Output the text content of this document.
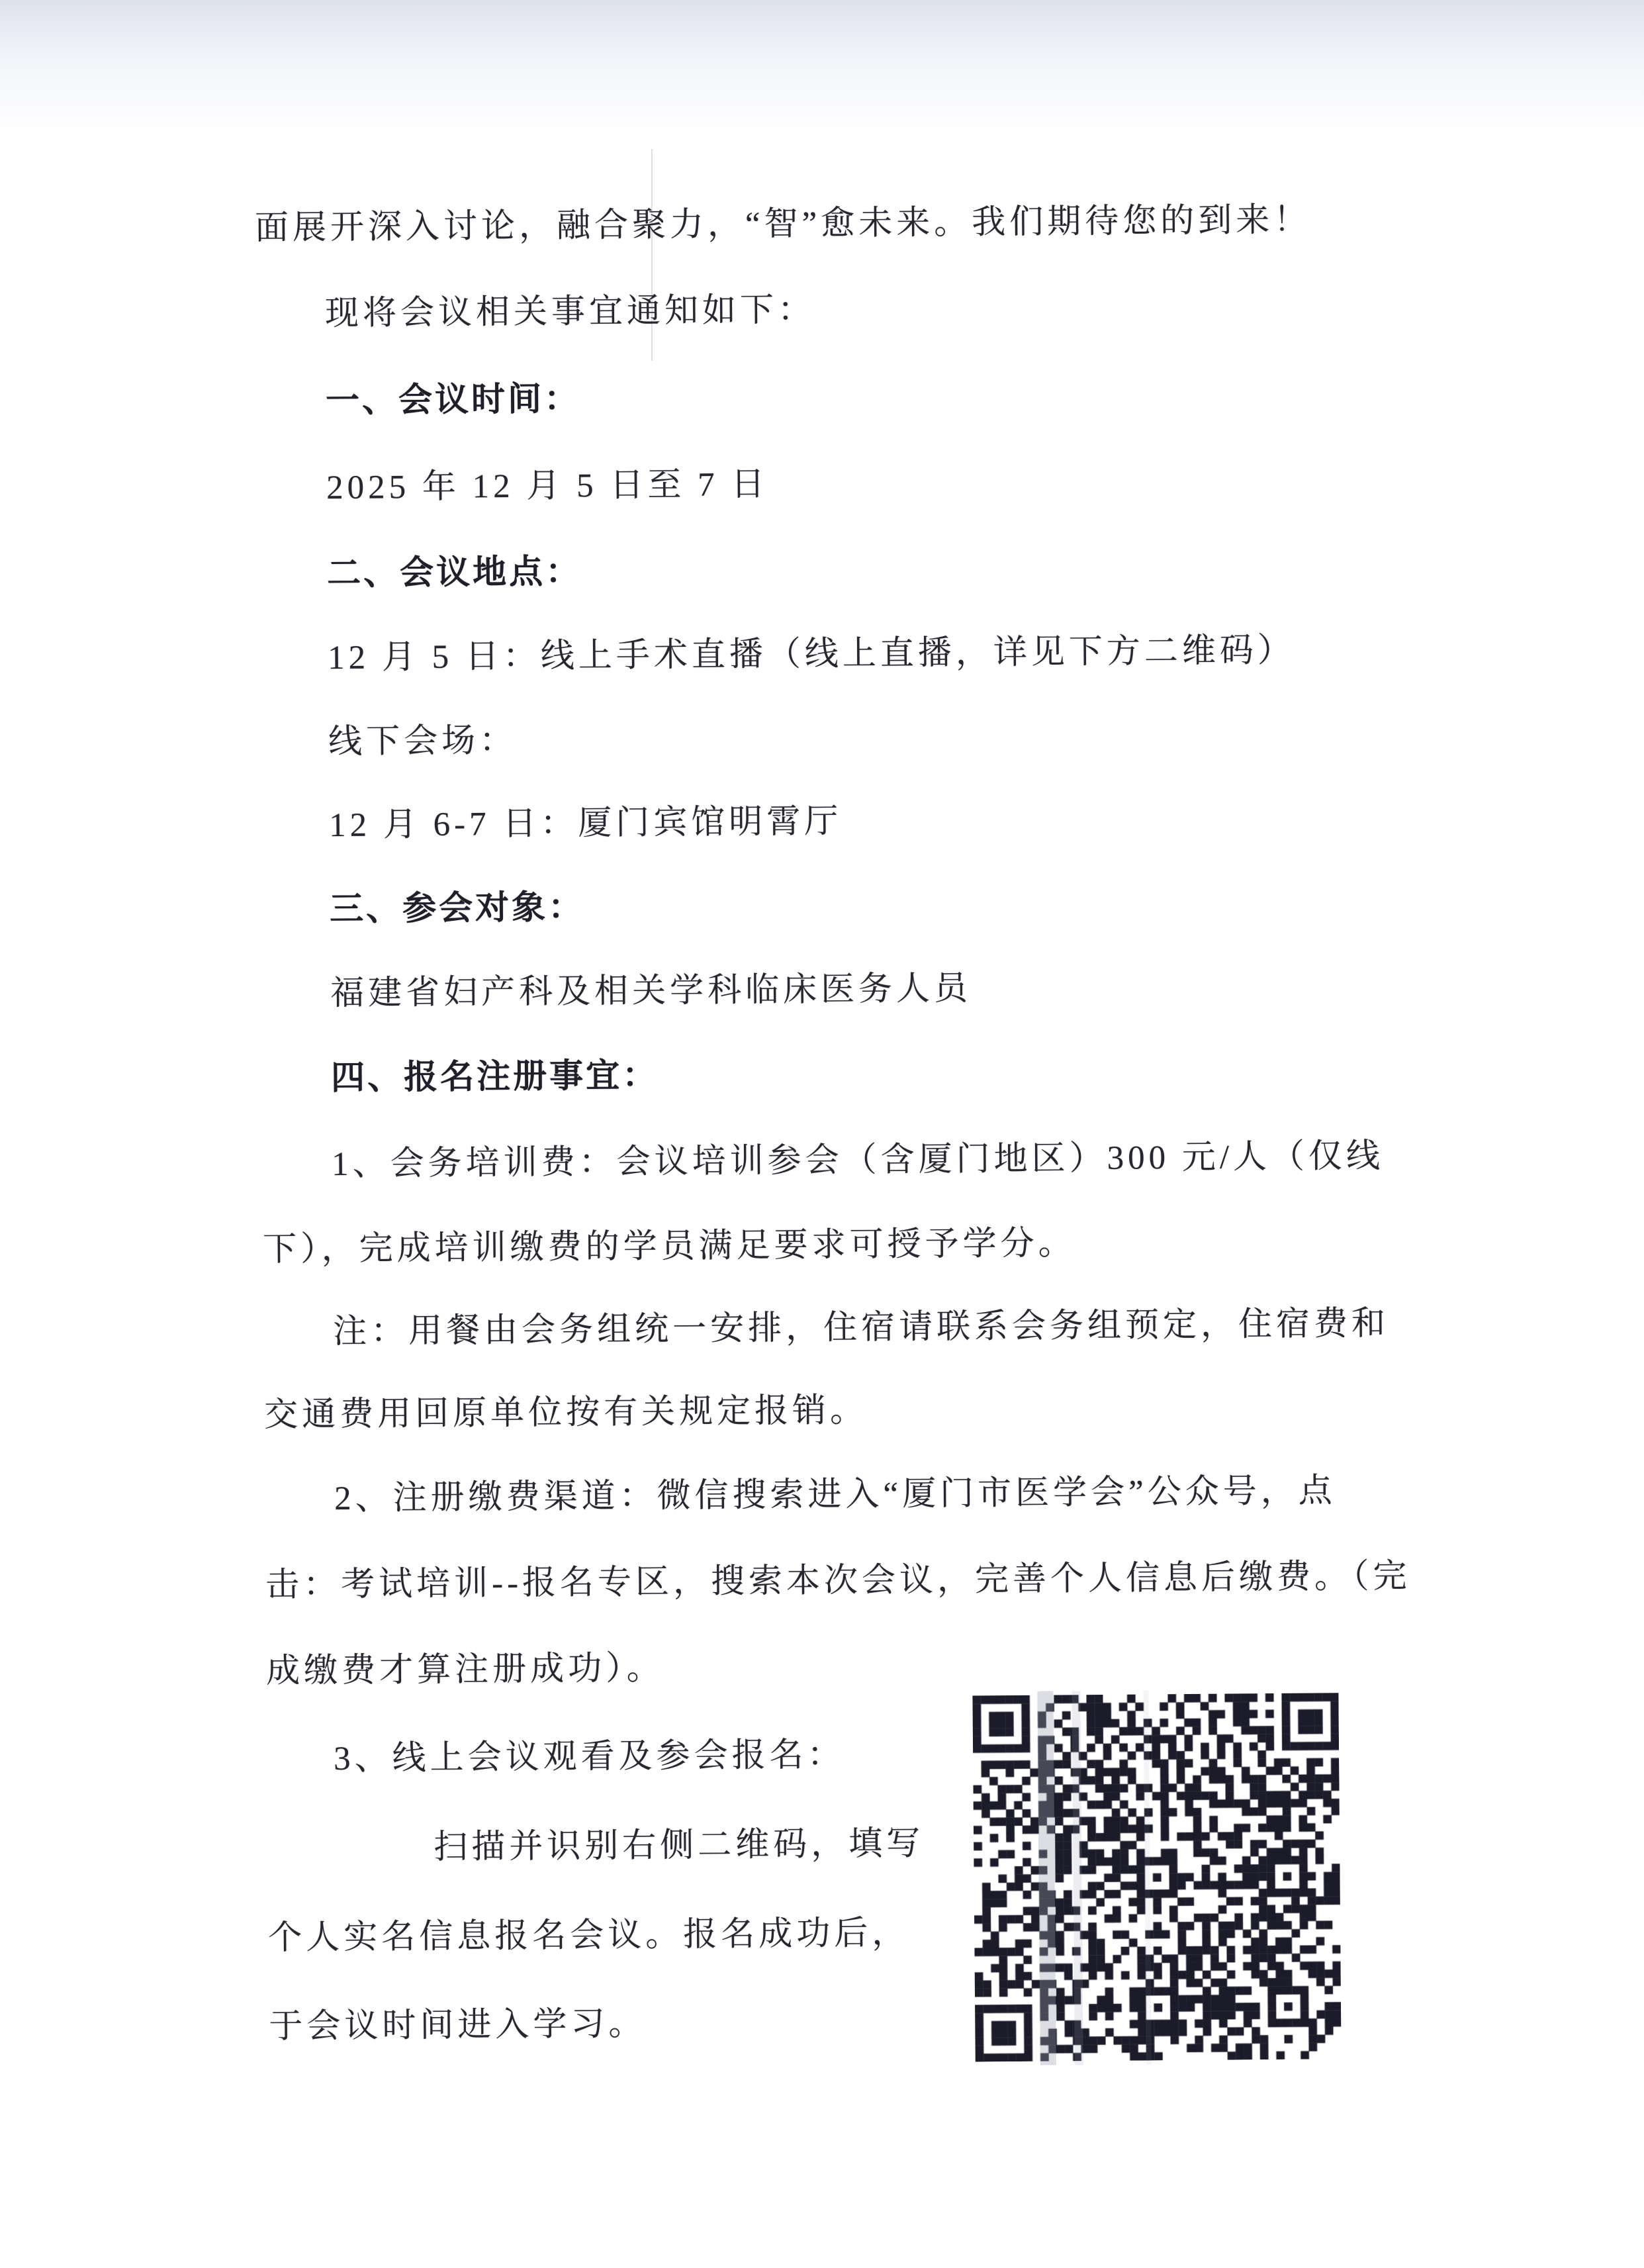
面展开深入讨论，融合聚力，“智”愈未来。我们期待您的到来！
现将会议相关事宜通知如下：
一、会议时间：
2025 年 12 月 5 日至 7 日
二、会议地点：
12 月 5 日：线上手术直播（线上直播，详见下方二维码）
线下会场：
12 月 6-7 日：厦门宾馆明霄厅
三、参会对象：
福建省妇产科及相关学科临床医务人员
四、报名注册事宜：
1、会务培训费：会议培训参会（含厦门地区）300 元/人（仅线
下），完成培训缴费的学员满足要求可授予学分。
注：用餐由会务组统一安排，住宿请联系会务组预定，住宿费和
交通费用回原单位按有关规定报销。
2、注册缴费渠道：微信搜索进入“厦门市医学会”公众号，点
击：考试培训--报名专区，搜索本次会议，完善个人信息后缴费。（完
成缴费才算注册成功）。
3、线上会议观看及参会报名：
扫描并识别右侧二维码，填写
个人实名信息报名会议。报名成功后，
于会议时间进入学习。
